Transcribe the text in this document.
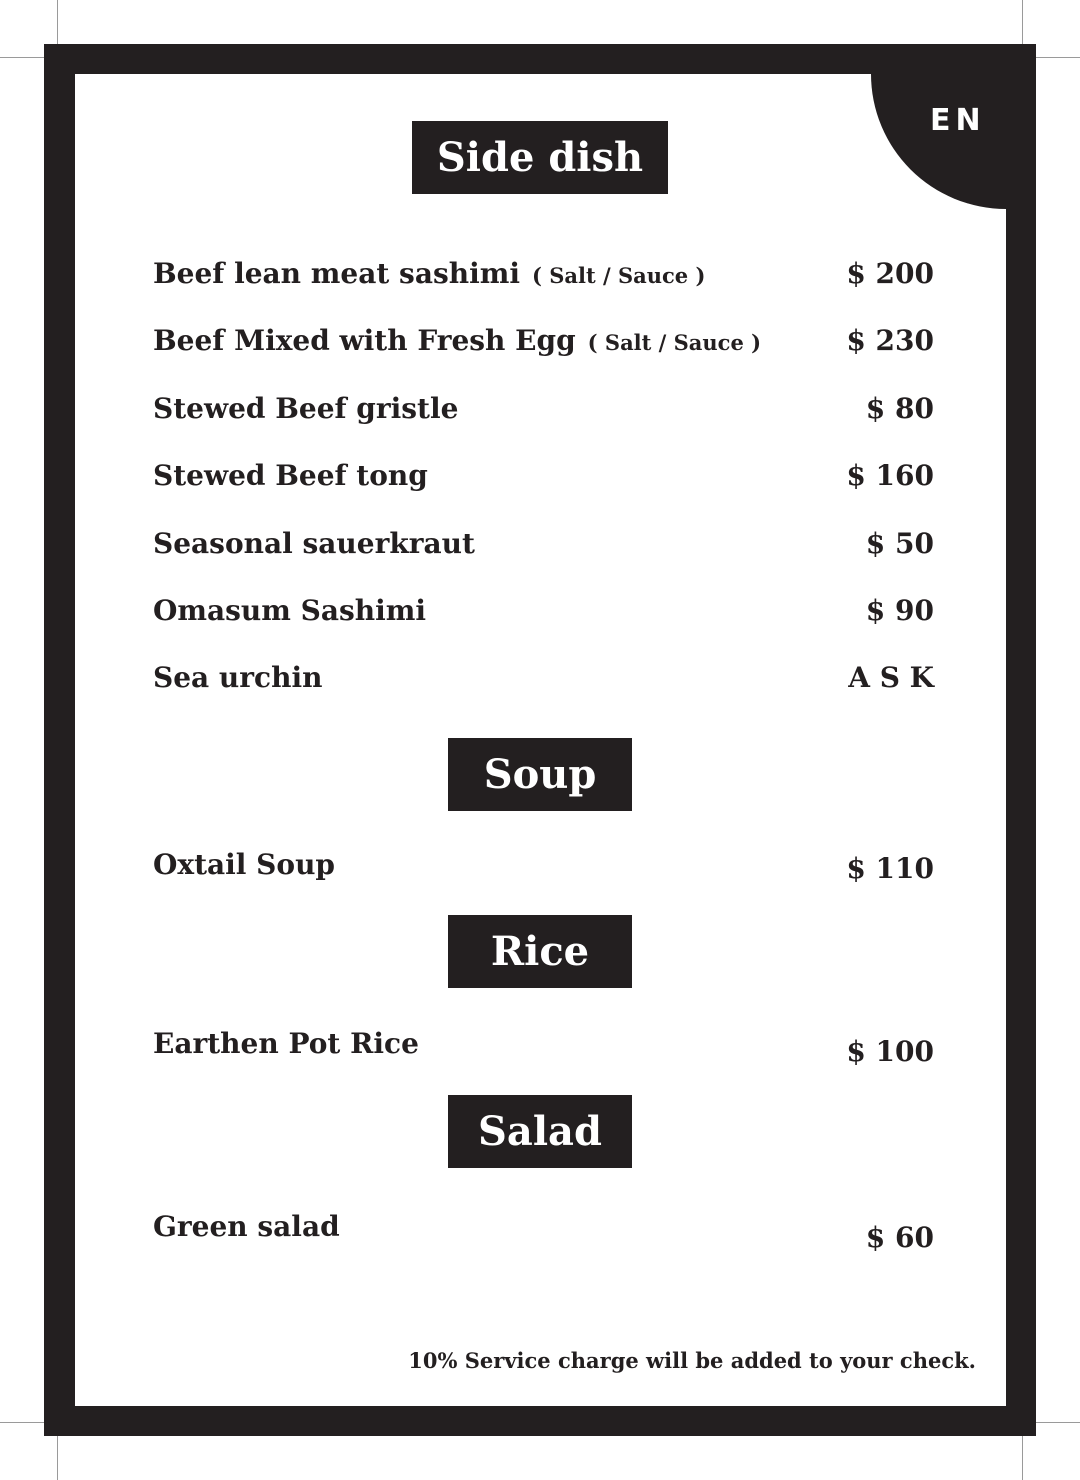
EN
Side dish
Beef lean meat sashimi ( Salt / Sauce )	$ 200
Beef Mixed with Fresh Egg ( Salt / Sauce )	$ 230
Stewed Beef gristle	$ 80
Stewed Beef tong	$ 160
Seasonal sauerkraut	$ 50
Omasum Sashimi	$ 90
Sea urchin	A S K
Soup
Oxtail Soup	$ 110
Rice
Earthen Pot Rice	$ 100
Salad
Green salad	$ 60
10% Service charge will be added to your check.
